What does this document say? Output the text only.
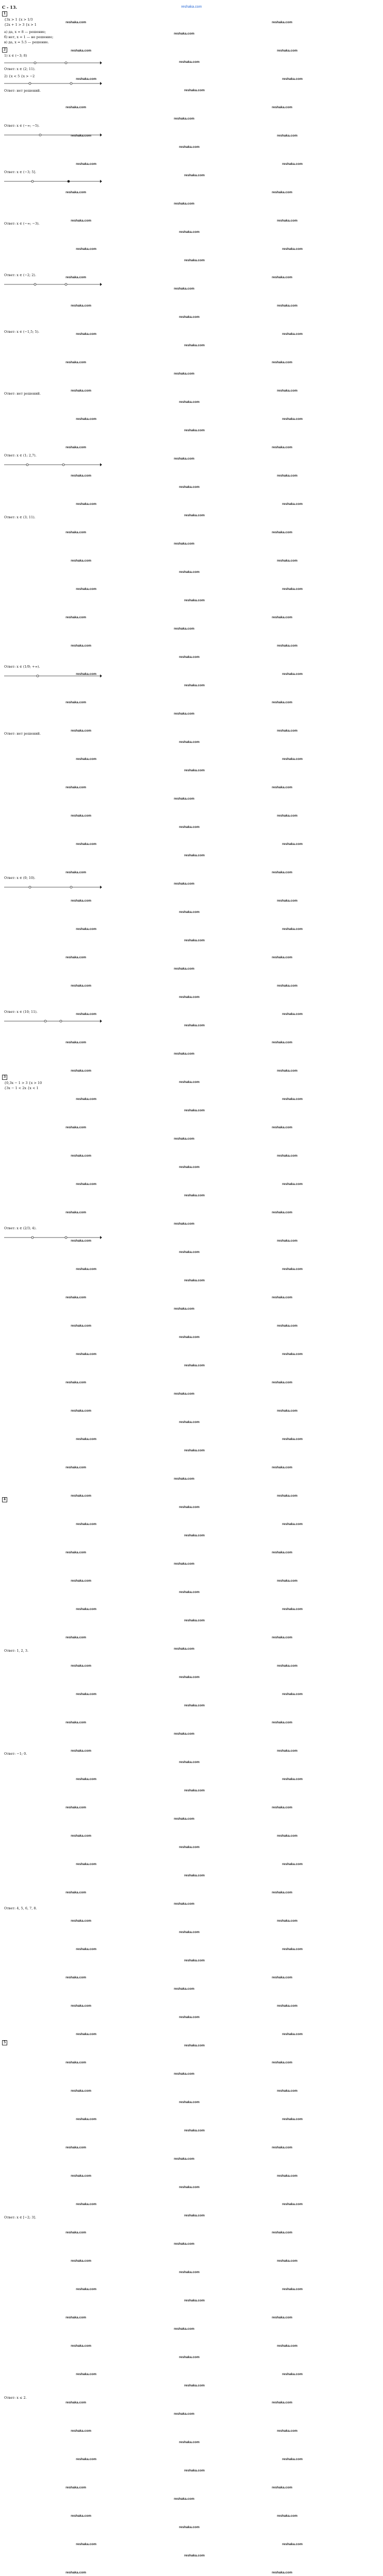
reshaka.com
С - 13.
1
{3x > 1 {x > 1/3
{2x + 1 > 3 {x > 1
а) да, x = 8 — решение;
б) нет, x = 1 — не решение;
в) да, x = 5.5 — решение.
2
1) x ∈ (−3; 8)
Ответ: x ∈ (2; 11).
2) {x < 5 {x > −2
Ответ: нет решений.
Ответ: x ∈ (−∞; −5).
Ответ: x ∈ (−3; 5].
Ответ: x ∈ (−∞; −3).
Ответ: x ∈ (−2; 2).
Ответ: x ∈ (−1,5; 5).
Ответ: нет решений.
Ответ: x ∈ (1; 2,7).
Ответ: x ∈ (3; 11).
Ответ: x ∈ (1/9; +∞).
Ответ: нет решений.
Ответ: x ∈ (0; 10).
Ответ: x ∈ (10; 11).
3
{0,3x − 1 > 3 {x > 10
{3x − 1 < 2x {x < 1
Ответ: x ∈ (2/3; 4).
4
Ответ: 1, 2, 3.
Ответ: −1; 0.
Ответ: 4, 5, 6, 7, 8.
5
Ответ: x ∈ [−2; 3].
Ответ: x ≤ 2.
reshaka.com
reshaka.com
reshaka.com
reshaka.com
reshaka.com
reshaka.com
reshaka.com
reshaka.com
reshaka.com
reshaka.com
reshaka.com
reshaka.com
reshaka.com
reshaka.com
reshaka.com
reshaka.com
reshaka.com
reshaka.com
reshaka.com
reshaka.com
reshaka.com
reshaka.com
reshaka.com
reshaka.com
reshaka.com
reshaka.com
reshaka.com
reshaka.com
reshaka.com
reshaka.com
reshaka.com
reshaka.com
reshaka.com
reshaka.com
reshaka.com
reshaka.com
reshaka.com
reshaka.com
reshaka.com
reshaka.com
reshaka.com
reshaka.com
reshaka.com
reshaka.com
reshaka.com
reshaka.com
reshaka.com
reshaka.com
reshaka.com
reshaka.com
reshaka.com
reshaka.com
reshaka.com
reshaka.com
reshaka.com
reshaka.com
reshaka.com
reshaka.com
reshaka.com
reshaka.com
reshaka.com
reshaka.com
reshaka.com
reshaka.com
reshaka.com
reshaka.com
reshaka.com
reshaka.com
reshaka.com
reshaka.com
reshaka.com
reshaka.com
reshaka.com
reshaka.com
reshaka.com
reshaka.com
reshaka.com
reshaka.com
reshaka.com
reshaka.com
reshaka.com
reshaka.com
reshaka.com
reshaka.com
reshaka.com
reshaka.com
reshaka.com
reshaka.com
reshaka.com
reshaka.com
reshaka.com
reshaka.com
reshaka.com
reshaka.com
reshaka.com
reshaka.com
reshaka.com
reshaka.com
reshaka.com
reshaka.com
reshaka.com
reshaka.com
reshaka.com
reshaka.com
reshaka.com
reshaka.com
reshaka.com
reshaka.com
reshaka.com
reshaka.com
reshaka.com
reshaka.com
reshaka.com
reshaka.com
reshaka.com
reshaka.com
reshaka.com
reshaka.com
reshaka.com
reshaka.com
reshaka.com
reshaka.com
reshaka.com
reshaka.com
reshaka.com
reshaka.com
reshaka.com
reshaka.com
reshaka.com
reshaka.com
reshaka.com
reshaka.com
reshaka.com
reshaka.com
reshaka.com
reshaka.com
reshaka.com
reshaka.com
reshaka.com
reshaka.com
reshaka.com
reshaka.com
reshaka.com
reshaka.com
reshaka.com
reshaka.com
reshaka.com
reshaka.com
reshaka.com
reshaka.com
reshaka.com
reshaka.com
reshaka.com
reshaka.com
reshaka.com
reshaka.com
reshaka.com
reshaka.com
reshaka.com
reshaka.com
reshaka.com
reshaka.com
reshaka.com
reshaka.com
reshaka.com
reshaka.com
reshaka.com
reshaka.com
reshaka.com
reshaka.com
reshaka.com
reshaka.com
reshaka.com
reshaka.com
reshaka.com
reshaka.com
reshaka.com
reshaka.com
reshaka.com
reshaka.com
reshaka.com
reshaka.com
reshaka.com
reshaka.com
reshaka.com
reshaka.com
reshaka.com
reshaka.com
reshaka.com
reshaka.com
reshaka.com
reshaka.com
reshaka.com
reshaka.com
reshaka.com
reshaka.com
reshaka.com
reshaka.com
reshaka.com
reshaka.com
reshaka.com
reshaka.com
reshaka.com
reshaka.com
reshaka.com
reshaka.com
reshaka.com
reshaka.com
reshaka.com
reshaka.com
reshaka.com
reshaka.com
reshaka.com
reshaka.com
reshaka.com
reshaka.com
reshaka.com
reshaka.com
reshaka.com
reshaka.com
reshaka.com
reshaka.com
reshaka.com
reshaka.com
reshaka.com
reshaka.com
reshaka.com
reshaka.com
reshaka.com
reshaka.com
reshaka.com
reshaka.com
reshaka.com
reshaka.com
reshaka.com
reshaka.com
reshaka.com
reshaka.com
reshaka.com
reshaka.com
reshaka.com
reshaka.com
reshaka.com
reshaka.com
reshaka.com
reshaka.com
reshaka.com
reshaka.com
reshaka.com
reshaka.com
reshaka.com
reshaka.com
reshaka.com
reshaka.com
reshaka.com
reshaka.com
reshaka.com
reshaka.com
reshaka.com
reshaka.com
reshaka.com
reshaka.com
reshaka.com
reshaka.com
reshaka.com
reshaka.com
reshaka.com
reshaka.com
reshaka.com
reshaka.com
reshaka.com	reshaka.com
